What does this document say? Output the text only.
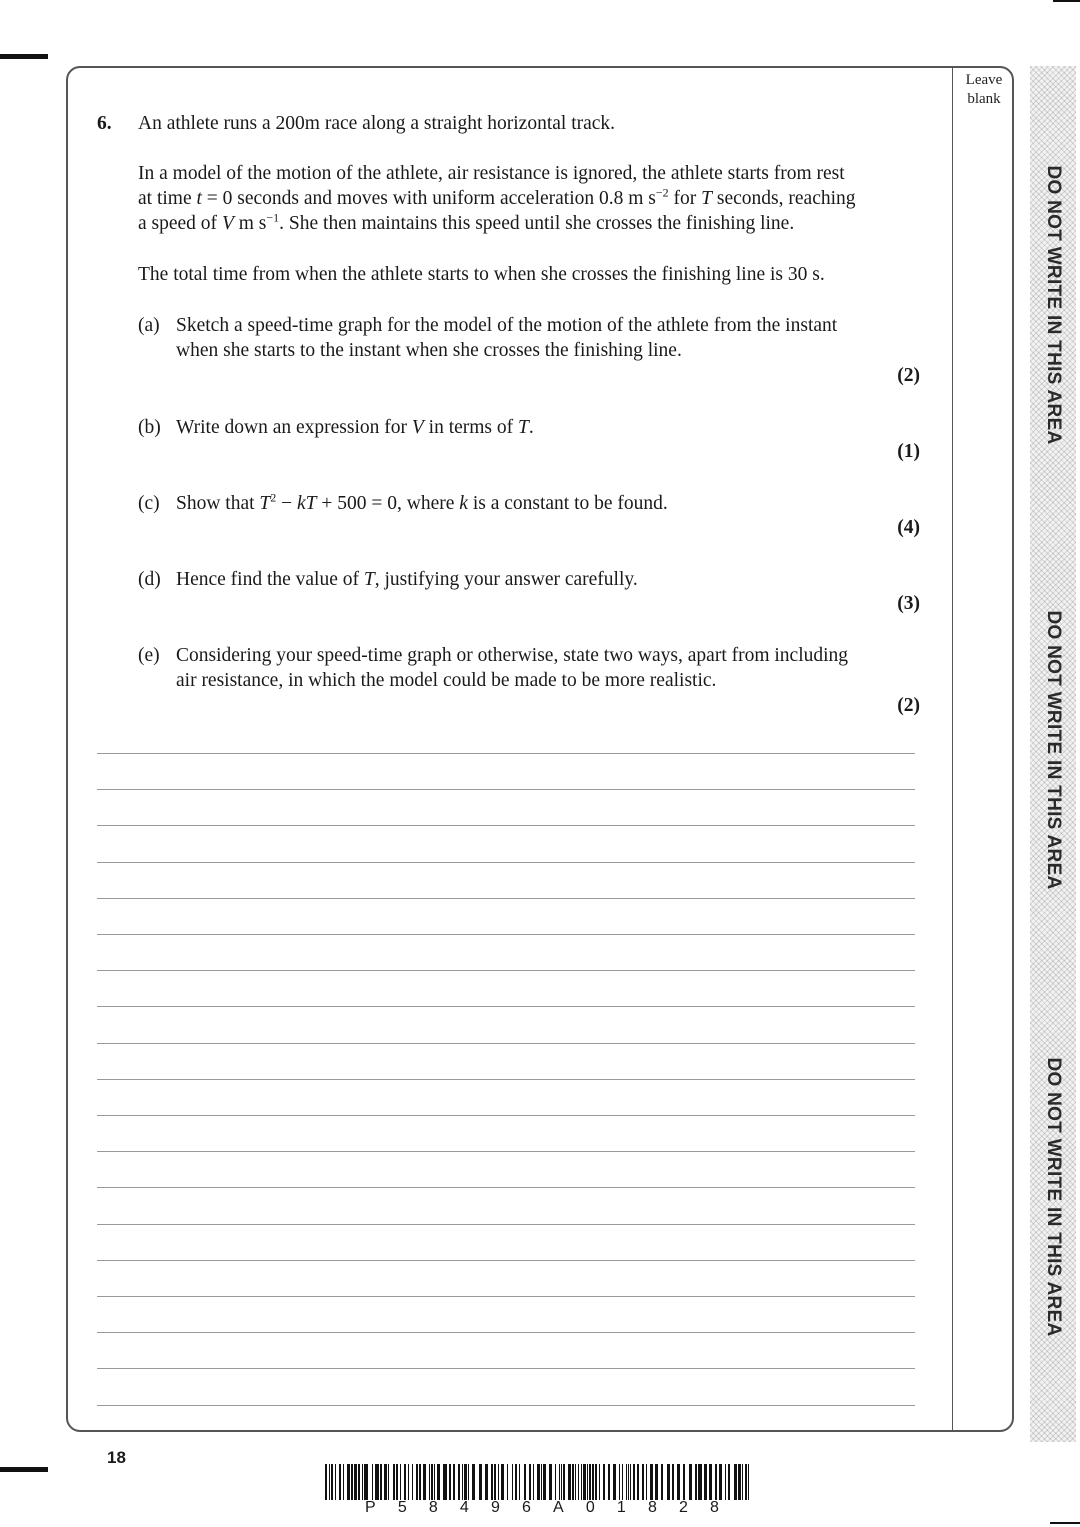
Leave blank
DO NOT WRITE IN THIS AREA
DO NOT WRITE IN THIS AREA
DO NOT WRITE IN THIS AREA
6. An athlete runs a 200m race along a straight horizontal track.
In a model of the motion of the athlete, air resistance is ignored, the athlete starts from rest
at time t = 0 seconds and moves with uniform acceleration 0.8 m $s^{-2}$ for T seconds, reaching
a speed of V m $s^{-1}$. She then maintains this speed until she crosses the finishing line.
The total time from when the athlete starts to when she crosses the finishing line is 30 s.
(a) Sketch a speed-time graph for the model of the motion of the athlete from the instant
when she starts to the instant when she crosses the finishing line.
(2)
(b) Write down an expression for V in terms of T.
(1)
(c) Show that $T^2$ − kT + 500 = 0, where k is a constant to be found.
(4)
(d) Hence find the value of T, justifying your answer carefully.
(3)
(e) Considering your speed-time graph or otherwise, state two ways, apart from including
air resistance, in which the model could be made to be more realistic.
(2)
18
P 5 8 4 9 6 A 0 1 8 2 8
